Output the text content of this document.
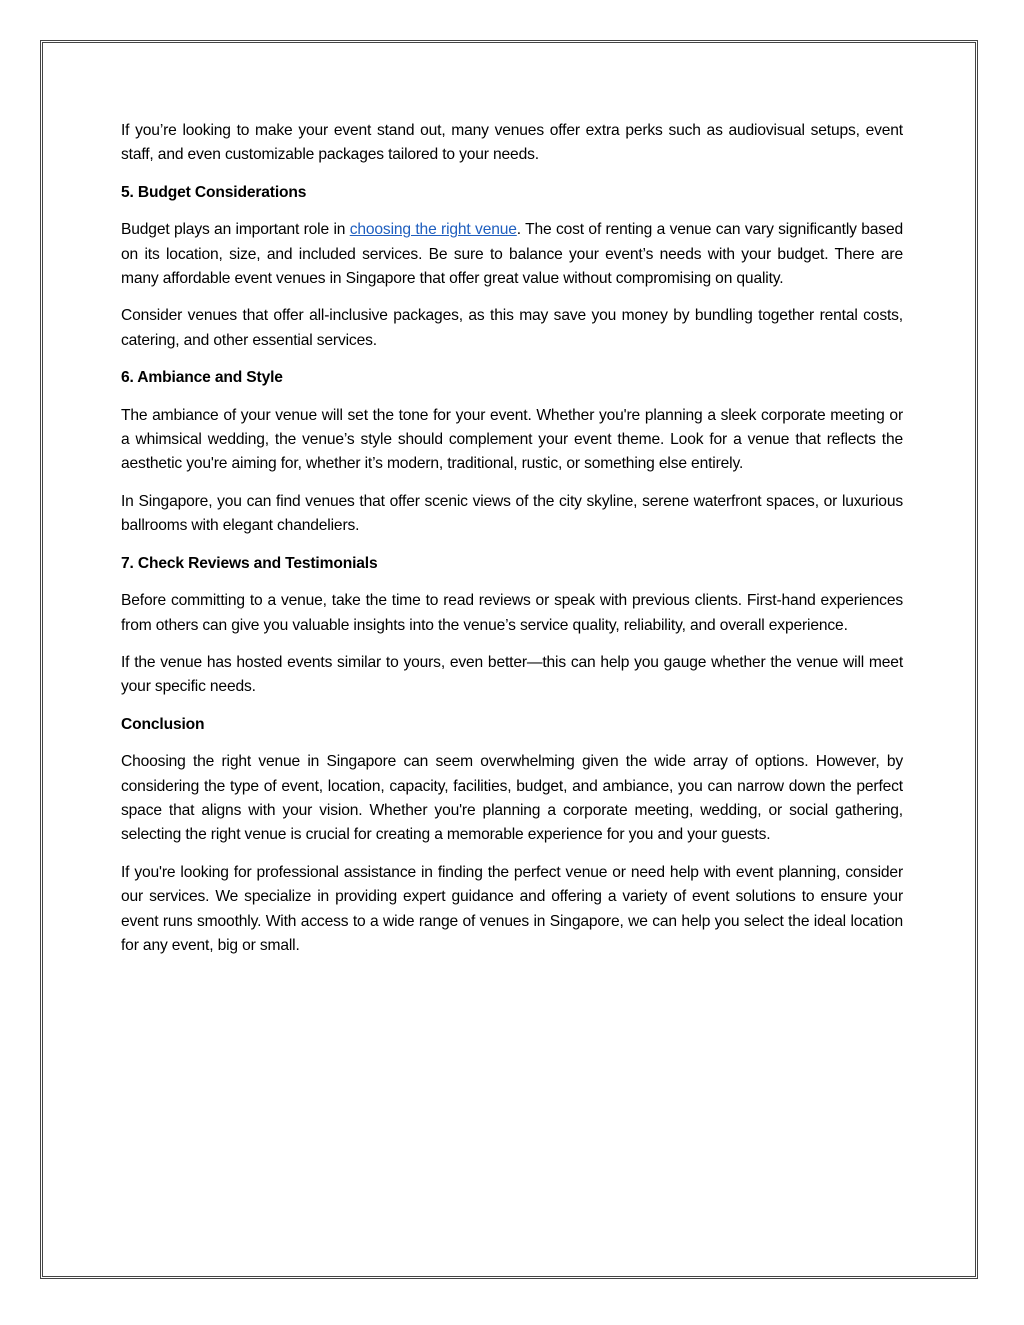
If you’re looking to make your event stand out, many venues offer extra perks such as audiovisual setups, event staff, and even customizable packages tailored to your needs.

5. Budget Considerations

Budget plays an important role in choosing the right venue. The cost of renting a venue can vary significantly based on its location, size, and included services. Be sure to balance your event’s needs with your budget. There are many affordable event venues in Singapore that offer great value without compromising on quality.

Consider venues that offer all-inclusive packages, as this may save you money by bundling together rental costs, catering, and other essential services.

6. Ambiance and Style

The ambiance of your venue will set the tone for your event. Whether you're planning a sleek corporate meeting or a whimsical wedding, the venue’s style should complement your event theme. Look for a venue that reflects the aesthetic you're aiming for, whether it’s modern, traditional, rustic, or something else entirely.

In Singapore, you can find venues that offer scenic views of the city skyline, serene waterfront spaces, or luxurious ballrooms with elegant chandeliers.

7. Check Reviews and Testimonials

Before committing to a venue, take the time to read reviews or speak with previous clients. First-hand experiences from others can give you valuable insights into the venue’s service quality, reliability, and overall experience.

If the venue has hosted events similar to yours, even better—this can help you gauge whether the venue will meet your specific needs.

Conclusion

Choosing the right venue in Singapore can seem overwhelming given the wide array of options. However, by considering the type of event, location, capacity, facilities, budget, and ambiance, you can narrow down the perfect space that aligns with your vision. Whether you're planning a corporate meeting, wedding, or social gathering, selecting the right venue is crucial for creating a memorable experience for you and your guests.

If you're looking for professional assistance in finding the perfect venue or need help with event planning, consider our services. We specialize in providing expert guidance and offering a variety of event solutions to ensure your event runs smoothly. With access to a wide range of venues in Singapore, we can help you select the ideal location for any event, big or small.
